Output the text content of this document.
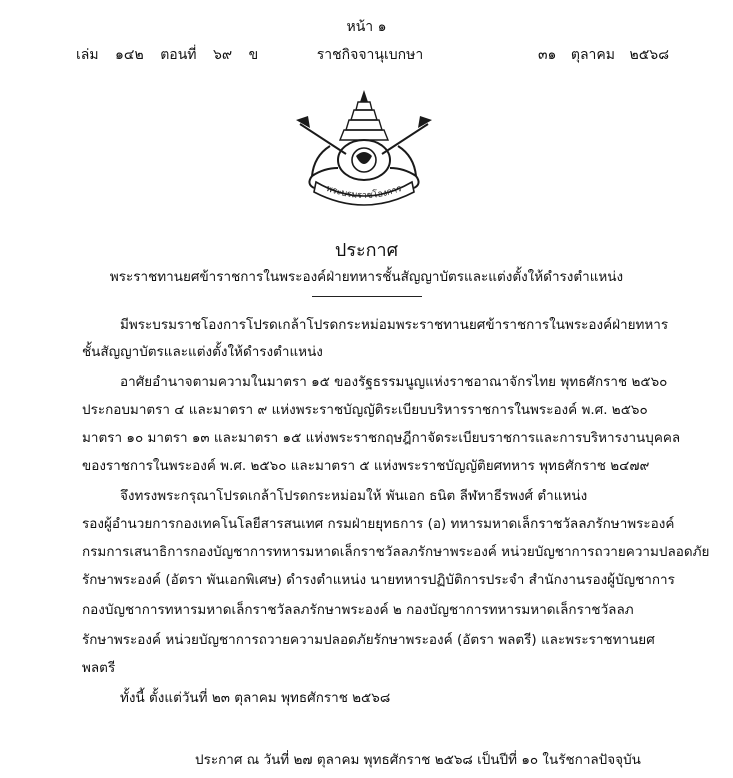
หน้า ๑
เล่ม ๑๔๒ ตอนที่ ๖๙ ข	ราชกิจจานุเบกษา	๓๑ ตุลาคม ๒๕๖๘
พระบรมราชโองการ
ประกาศ
พระราชทานยศข้าราชการในพระองค์ฝ่ายทหารชั้นสัญญาบัตรและแต่งตั้งให้ดำรงตำแหน่ง
มีพระบรมราชโองการโปรดเกล้าโปรดกระหม่อมพระราชทานยศข้าราชการในพระองค์ฝ่ายทหาร
ชั้นสัญญาบัตรและแต่งตั้งให้ดำรงตำแหน่ง
อาศัยอำนาจตามความในมาตรา ๑๕ ของรัฐธรรมนูญแห่งราชอาณาจักรไทย พุทธศักราช ๒๕๖๐
ประกอบมาตรา ๔ และมาตรา ๙ แห่งพระราชบัญญัติระเบียบบริหารราชการในพระองค์ พ.ศ. ๒๕๖๐
มาตรา ๑๐ มาตรา ๑๓ และมาตรา ๑๕ แห่งพระราชกฤษฎีกาจัดระเบียบราชการและการบริหารงานบุคคล
ของราชการในพระองค์ พ.ศ. ๒๕๖๐ และมาตรา ๕ แห่งพระราชบัญญัติยศทหาร พุทธศักราช ๒๔๗๙
จึงทรงพระกรุณาโปรดเกล้าโปรดกระหม่อมให้ พันเอก ธนิต ลีฬหาธีรพงศ์ ตำแหน่ง
รองผู้อำนวยการกองเทคโนโลยีสารสนเทศ กรมฝ่ายยุทธการ (อ) ทหารมหาดเล็กราชวัลลภรักษาพระองค์
กรมการเสนาธิการกองบัญชาการทหารมหาดเล็กราชวัลลภรักษาพระองค์ หน่วยบัญชาการถวายความปลอดภัย
รักษาพระองค์ (อัตรา พันเอกพิเศษ) ดำรงตำแหน่ง นายทหารปฏิบัติการประจำ สำนักงานรองผู้บัญชาการ
กองบัญชาการทหารมหาดเล็กราชวัลลภรักษาพระองค์ ๒ กองบัญชาการทหารมหาดเล็กราชวัลลภ
รักษาพระองค์ หน่วยบัญชาการถวายความปลอดภัยรักษาพระองค์ (อัตรา พลตรี) และพระราชทานยศ
พลตรี
ทั้งนี้ ตั้งแต่วันที่ ๒๓ ตุลาคม พุทธศักราช ๒๕๖๘
ประกาศ ณ วันที่ ๒๗ ตุลาคม พุทธศักราช ๒๕๖๘ เป็นปีที่ ๑๐ ในรัชกาลปัจจุบัน
